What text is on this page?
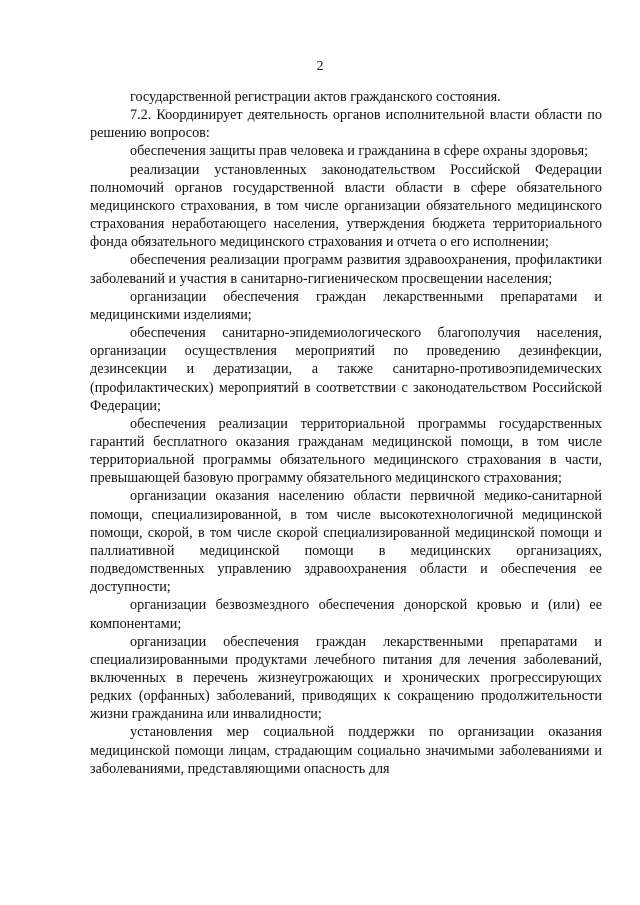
2

государственной регистрации актов гражданского состояния.

7.2. Координирует деятельность органов исполнительной власти области по решению вопросов:

обеспечения защиты прав человека и гражданина в сфере охраны здоровья;

реализации установленных законодательством Российской Федерации полномочий органов государственной власти области в сфере обязательного медицинского страхования, в том числе организации обязательного медицинского страхования неработающего населения, утверждения бюджета территориального фонда обязательного медицинского страхования и отчета о его исполнении;

обеспечения реализации программ развития здравоохранения, профилактики заболеваний и участия в санитарно-гигиеническом просвещении населения;

организации обеспечения граждан лекарственными препаратами и медицинскими изделиями;

обеспечения санитарно-эпидемиологического благополучия населения, организации осуществления мероприятий по проведению дезинфекции, дезинсекции и дератизации, а также санитарно-противоэпидемических (профилактических) мероприятий в соответствии с законодательством Российской Федерации;

обеспечения реализации территориальной программы государственных гарантий бесплатного оказания гражданам медицинской помощи, в том числе территориальной программы обязательного медицинского страхования в части, превышающей базовую программу обязательного медицинского страхования;

организации оказания населению области первичной медико-санитарной помощи, специализированной, в том числе высокотехнологичной медицинской помощи, скорой, в том числе скорой специализированной медицинской помощи и паллиативной медицинской помощи в медицинских организациях, подведомственных управлению здравоохранения области и обеспечения ее доступности;

организации безвозмездного обеспечения донорской кровью и (или) ее компонентами;

организации обеспечения граждан лекарственными препаратами и специализированными продуктами лечебного питания для лечения заболеваний, включенных в перечень жизнеугрожающих и хронических прогрессирующих редких (орфанных) заболеваний, приводящих к сокращению продолжительности жизни гражданина или инвалидности;

установления мер социальной поддержки по организации оказания медицинской помощи лицам, страдающим социально значимыми заболеваниями и заболеваниями, представляющими опасность для
